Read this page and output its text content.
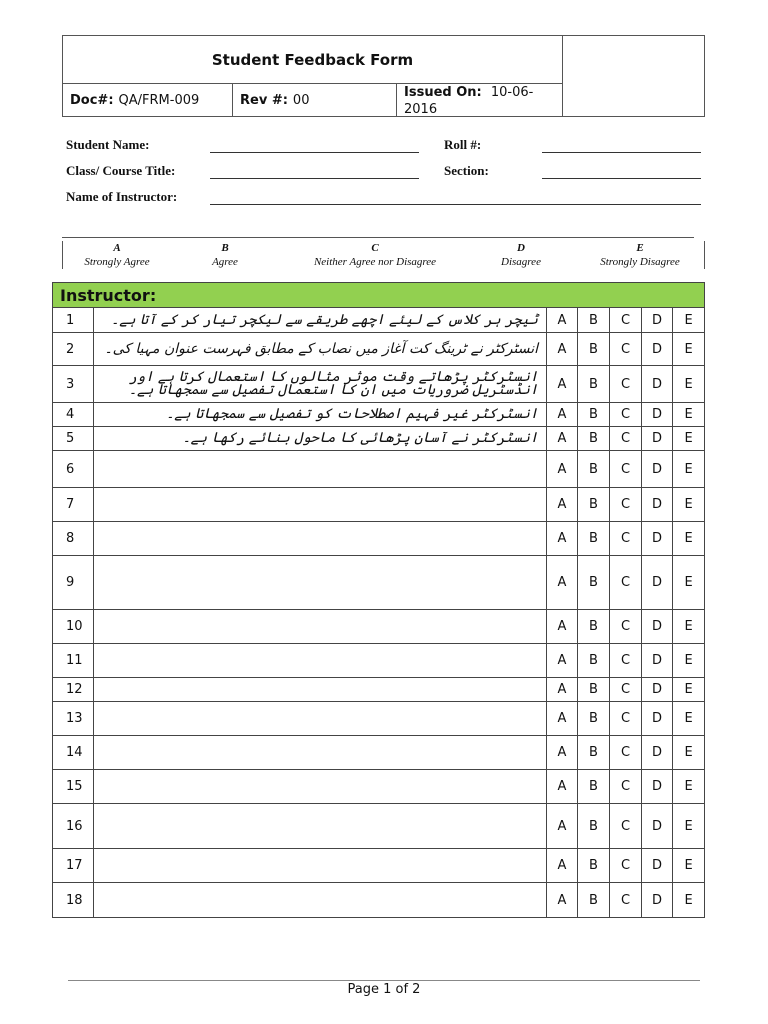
Student Feedback Form
Doc#: QA/FRM-009	Rev #: 00	Issued On: 10-06-2016
Student Name:	Roll #:
Class/ Course Title:	Section:
Name of Instructor:
A
Strongly Agree
B
Agree
C
Neither Agree nor Disagree
D
Disagree
E
Strongly Disagree
Instructor:						
1	ٹیچر ہر کلاس کے لیئے اچھے طریقے سے لیکچر تیار کر کے آتا ہے۔	A	B	C	D	E
2	انسٹرکٹر نے ٹرینگ کت آغاز میں نصاب کے مطابق فہرست عنوان مہیا کی۔	A	B	C	D	E
3	انسٹرکٹر پڑھاتے وقت موثر مثالوں کا استعمال کرتا ہے اور انڈسٹریل ضروریات میں ان کا استعمال تفصیل سے سمجھاتا ہے۔	A	B	C	D	E
4	انسٹرکٹر غیر فہیم اصطلاحات کو تفصیل سے سمجھاتا ہے۔	A	B	C	D	E
5	انسٹرکٹر نے آسان پڑھائی کا ماحول بنائے رکھا ہے۔	A	B	C	D	E
6		A	B	C	D	E
7		A	B	C	D	E
8		A	B	C	D	E
9		A	B	C	D	E
10		A	B	C	D	E
11		A	B	C	D	E
12		A	B	C	D	E
13		A	B	C	D	E
14		A	B	C	D	E
15		A	B	C	D	E
16		A	B	C	D	E
17		A	B	C	D	E
18		A	B	C	D	E
Page 1 of 2
